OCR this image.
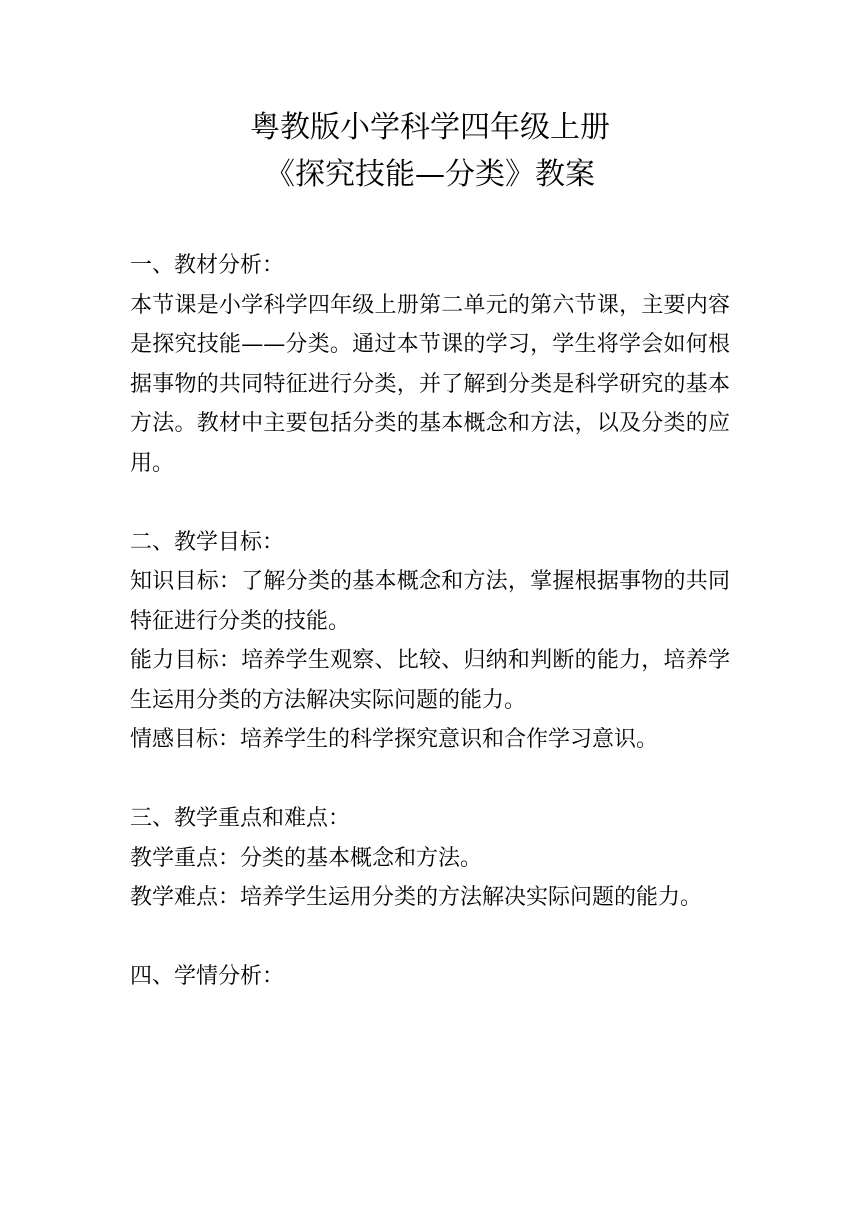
粤教版小学科学四年级上册
《探究技能—分类》教案

一、教材分析：

本节课是小学科学四年级上册第二单元的第六节课，主要内容是探究技能——分类。通过本节课的学习，学生将学会如何根据事物的共同特征进行分类，并了解到分类是科学研究的基本方法。教材中主要包括分类的基本概念和方法，以及分类的应用。

二、教学目标：

知识目标：了解分类的基本概念和方法，掌握根据事物的共同特征进行分类的技能。

能力目标：培养学生观察、比较、归纳和判断的能力，培养学生运用分类的方法解决实际问题的能力。

情感目标：培养学生的科学探究意识和合作学习意识。

三、教学重点和难点：

教学重点：分类的基本概念和方法。

教学难点：培养学生运用分类的方法解决实际问题的能力。

四、学情分析：
